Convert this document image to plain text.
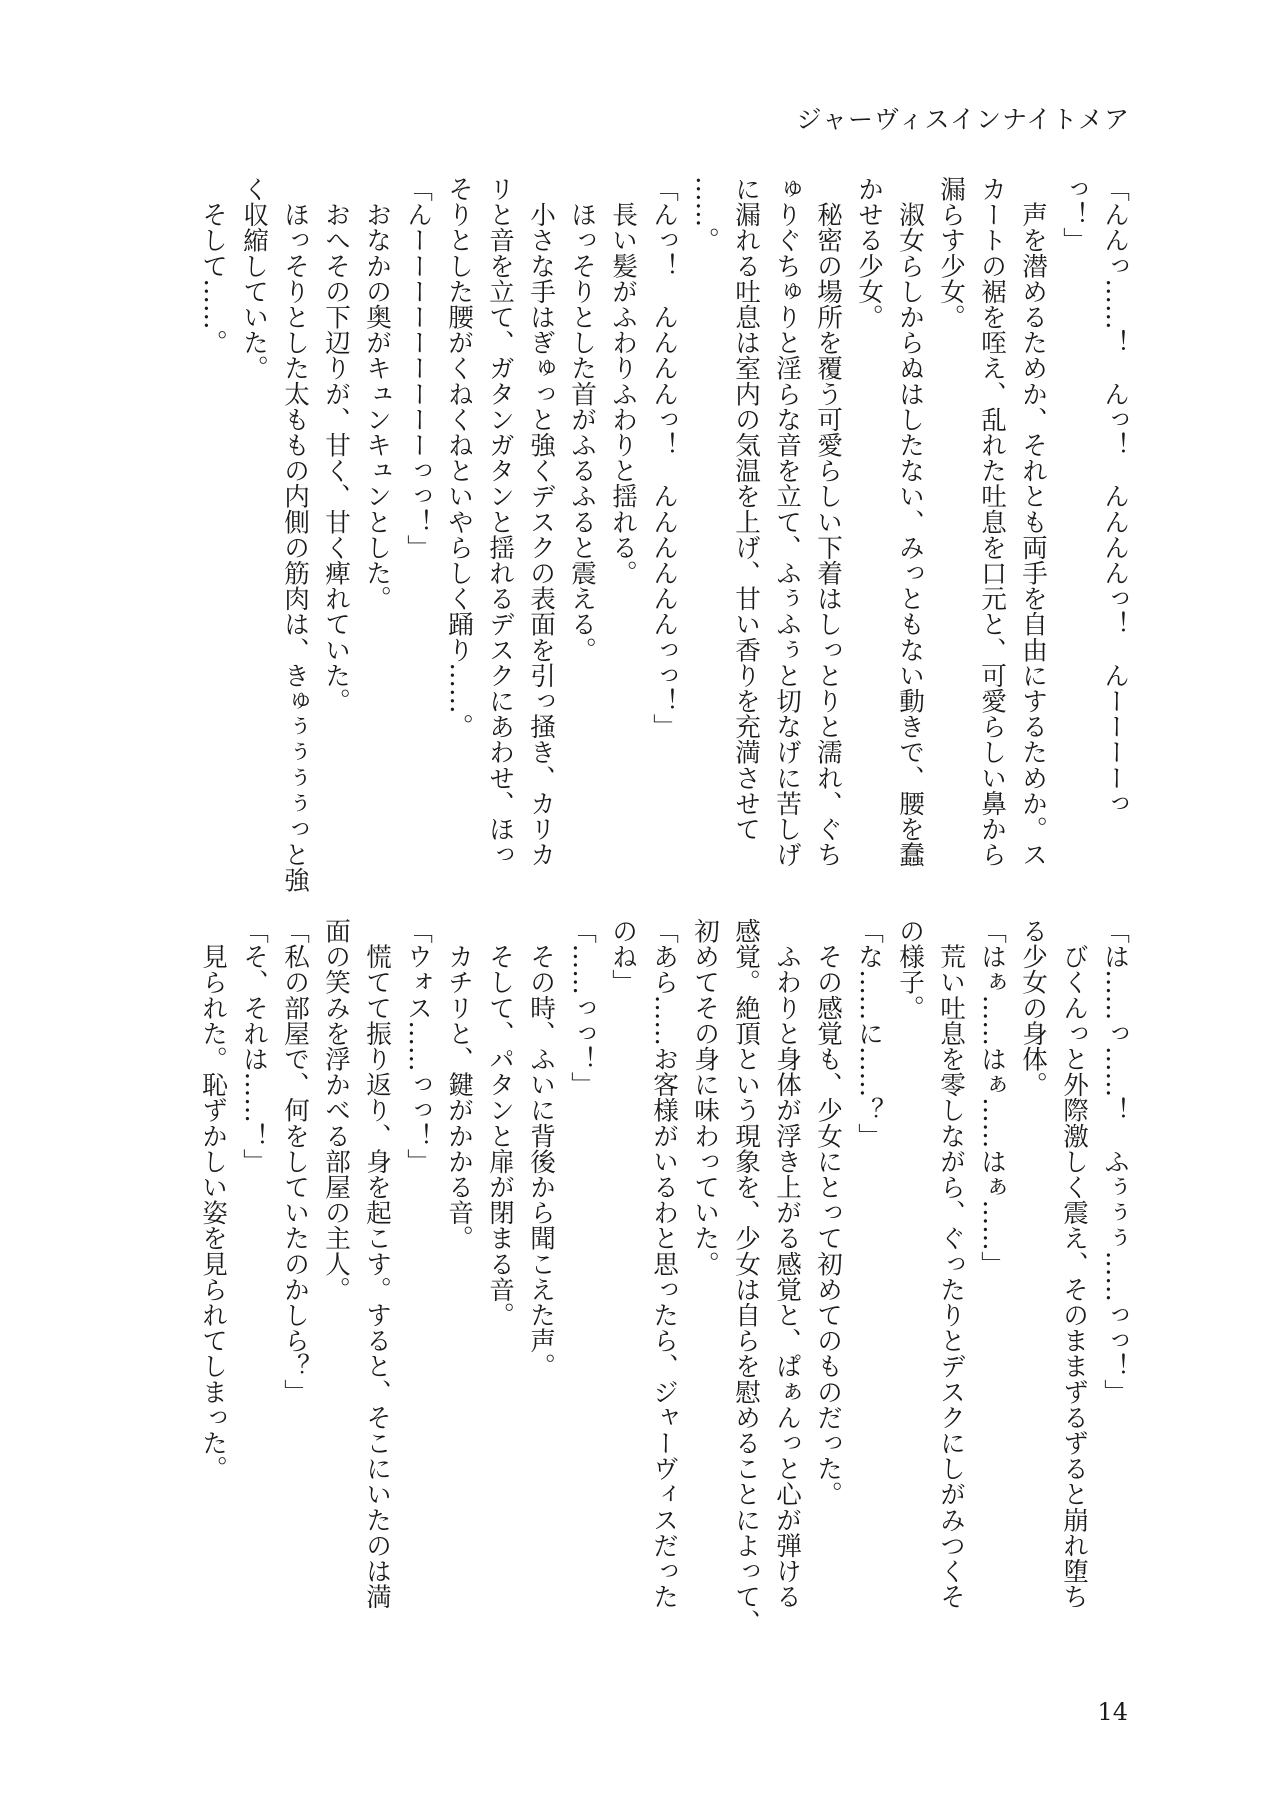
ジャーヴィスインナイトメア
「んんっ……！　んっ！　んんんんっ！　んーーーーっ
っ！」
　声を潜めるためか、それとも両手を自由にするためか。ス
カートの裾を咥え、乱れた吐息を口元と、可愛らしい鼻から
漏らす少女。
　淑女らしからぬはしたない、みっともない動きで、腰を蠢
かせる少女。
　秘密の場所を覆う可愛らしい下着はしっとりと濡れ、ぐち
ゅりぐちゅりと淫らな音を立て、ふぅふぅと切なげに苦しげ
に漏れる吐息は室内の気温を上げ、甘い香りを充満させて
……。
「んっ！　んんんんっ！　んんんんんんっっ！」
　長い髪がふわりふわりと揺れる。
　ほっそりとした首がふるふると震える。
　小さな手はぎゅっと強くデスクの表面を引っ掻き、カリカ
リと音を立て、ガタンガタンと揺れるデスクにあわせ、ほっ
そりとした腰がくねくねといやらしく踊り……。
「んーーーーーーーーーっっ！」
　おなかの奥がキュンキュンとした。
　おへその下辺りが、甘く、甘く痺れていた。
　ほっそりとした太ももの内側の筋肉は、きゅぅぅぅぅっと強
く収縮していた。
　そして……。
「は……っ……！　ふぅぅぅ……っっ！」
　びくんっと外際激しく震え、そのままずるずると崩れ堕ち
る少女の身体。
「はぁ……はぁ……はぁ……」
　荒い吐息を零しながら、ぐったりとデスクにしがみつくそ
の様子。
「な……に……？」
　その感覚も、少女にとって初めてのものだった。
　ふわりと身体が浮き上がる感覚と、ぱぁんっと心が弾ける
感覚。絶頂という現象を、少女は自らを慰めることによって、
初めてその身に味わっていた。
「あら……お客様がいるわと思ったら、ジャーヴィスだった
のね」
「……っっ！」
　その時、ふいに背後から聞こえた声。
　そして、パタンと扉が閉まる音。
　カチリと、鍵がかかる音。
「ウォス……っっ！」
　慌てて振り返り、身を起こす。すると、そこにいたのは満
面の笑みを浮かべる部屋の主人。
「私の部屋で、何をしていたのかしら？」
「そ、それは……！」
　見られた。恥ずかしい姿を見られてしまった。
14
